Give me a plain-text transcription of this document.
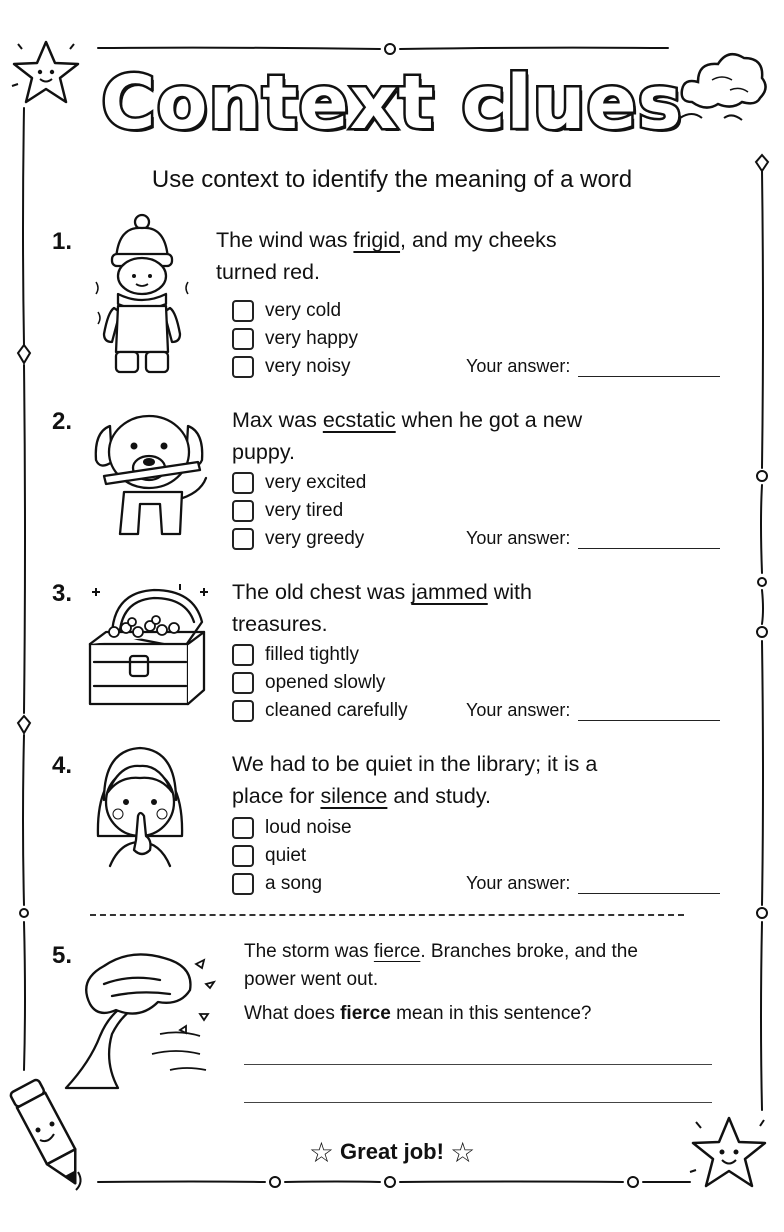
Context clues
Use context to identify the meaning of a word
1.	The wind was frigid, and my cheeks turned red.
very cold
very happy
very noisy	Your answer:
2.	Max was ecstatic when he got a new puppy.
very excited
very tired
very greedy	Your answer:
3.	The old chest was jammed with treasures.
filled tightly
opened slowly
cleaned carefully	Your answer:
4.	We had to be quiet in the library; it is a place for silence and study.
loud noise
quiet
a song	Your answer:
5.	The storm was fierce. Branches broke, and the power went out.
What does fierce mean in this sentence?
☆ Great job! ☆
